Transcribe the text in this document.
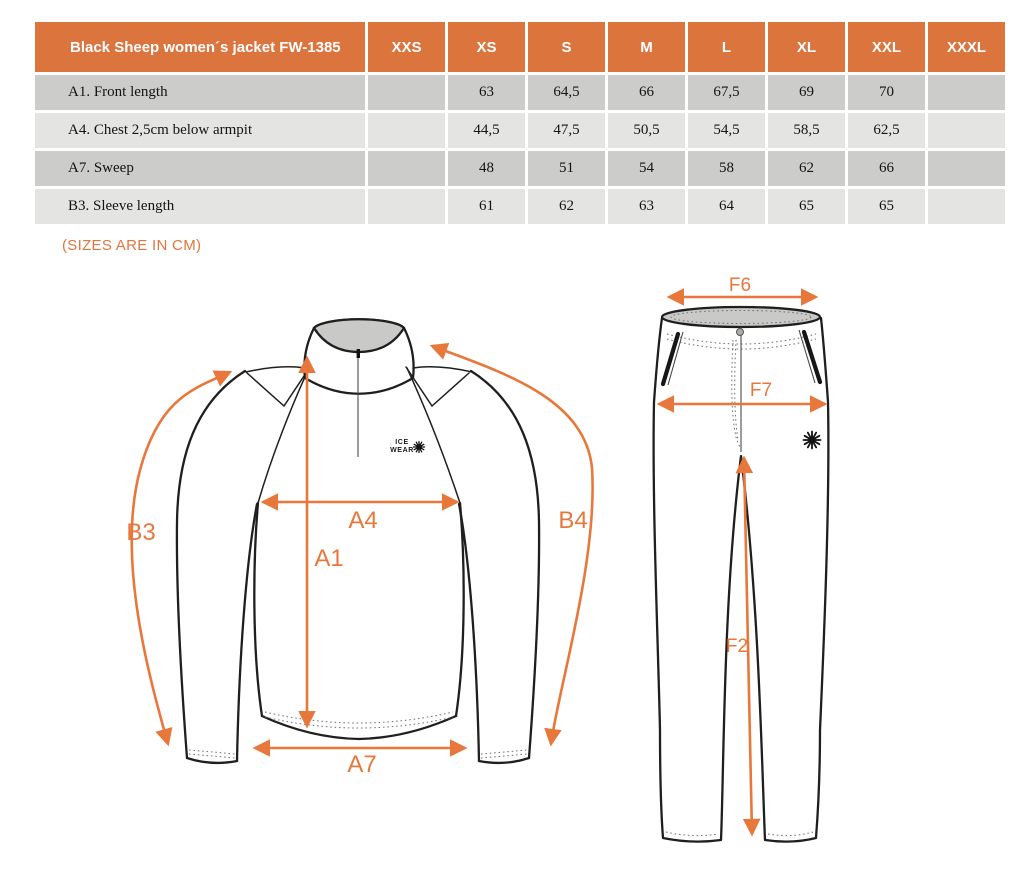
Black Sheep women´s jacket FW-1385	XXS	XS	S	M	L	XL	XXL	XXXL
A1. Front length		63	64,5	66	67,5	69	70	
A4. Chest 2,5cm below armpit		44,5	47,5	50,5	54,5	58,5	62,5	
A7. Sweep		48	51	54	58	62	66	
B3. Sleeve length		61	62	63	64	65	65	
(SIZES ARE IN CM)
ICE
WEAR
B3	B4
A1
A4
A7
F6
F7
F2
